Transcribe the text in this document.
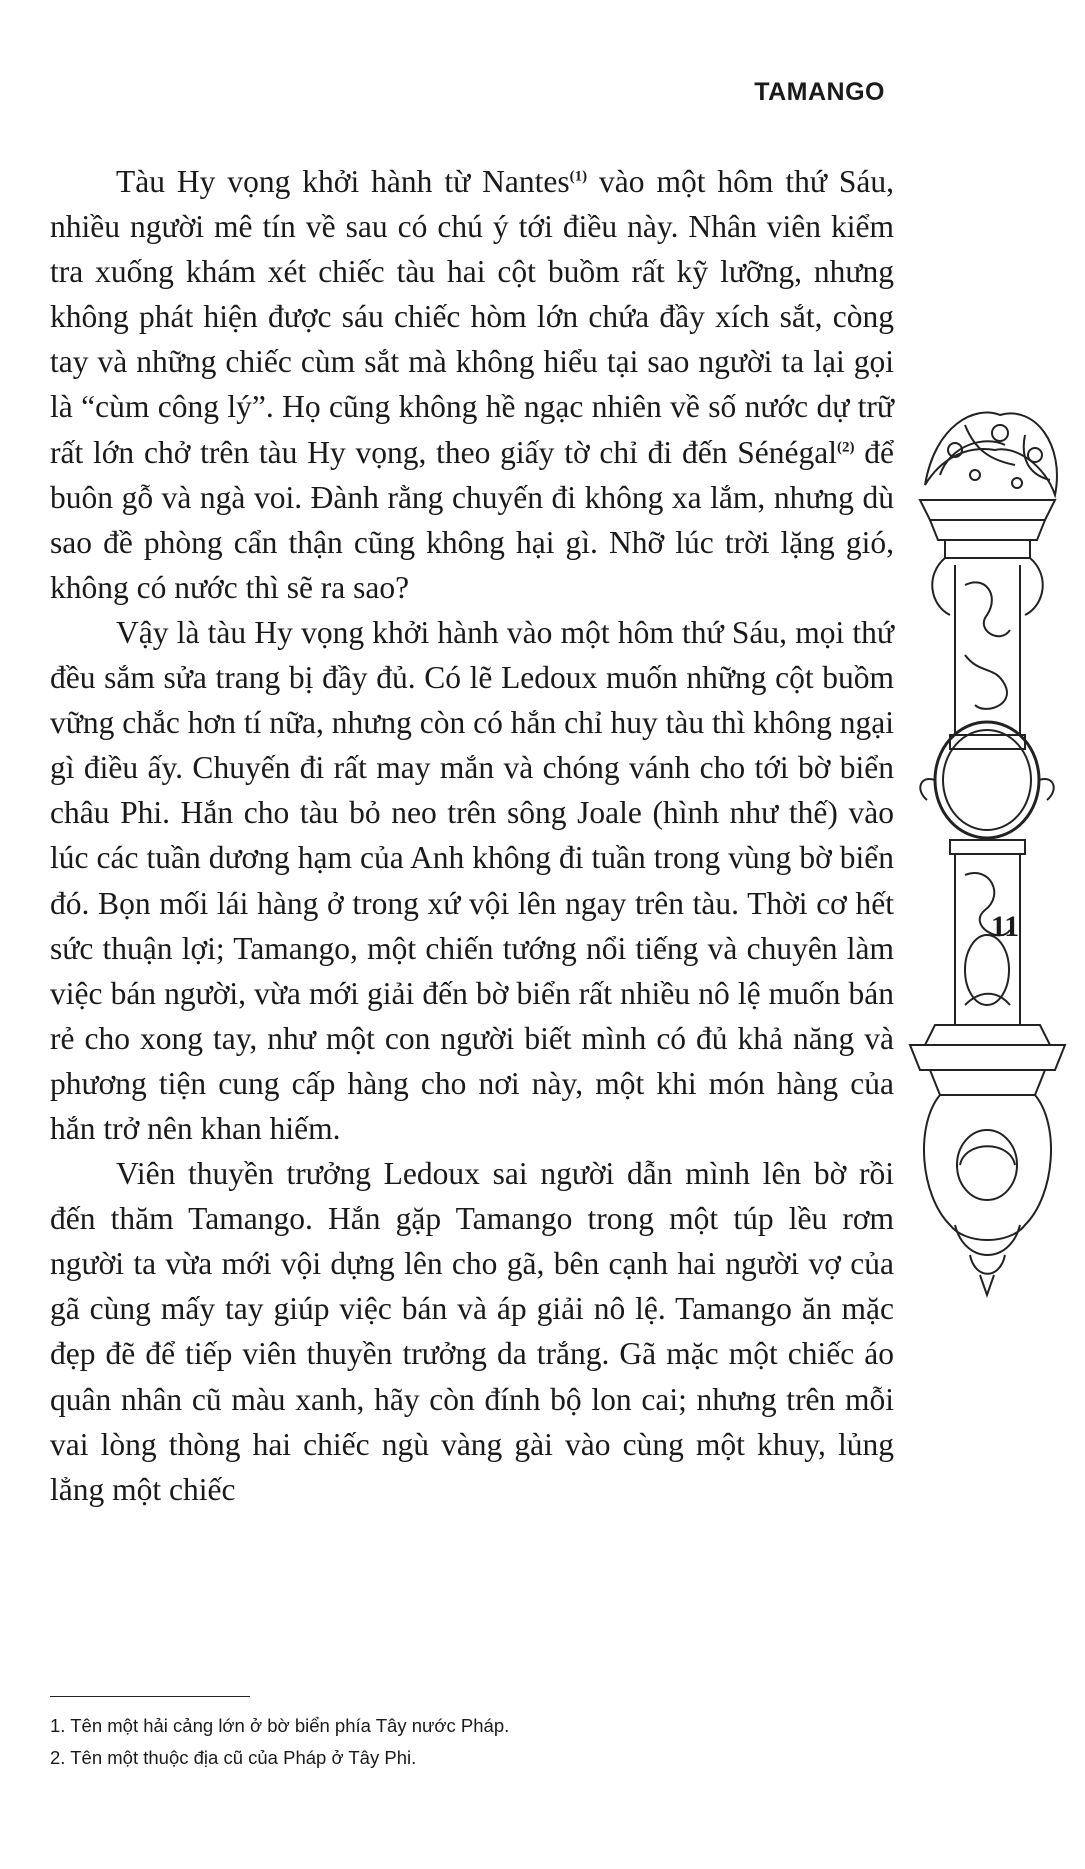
TAMANGO

Tàu Hy vọng khởi hành từ Nantes$^{(1)}$ vào một hôm thứ Sáu, nhiều người mê tín về sau có chú ý tới điều này. Nhân viên kiểm tra xuống khám xét chiếc tàu hai cột buồm rất kỹ lưỡng, nhưng không phát hiện được sáu chiếc hòm lớn chứa đầy xích sắt, còng tay và những chiếc cùm sắt mà không hiểu tại sao người ta lại gọi là “cùm công lý”. Họ cũng không hề ngạc nhiên về số nước dự trữ rất lớn chở trên tàu Hy vọng, theo giấy tờ chỉ đi đến Sénégal$^{(2)}$ để buôn gỗ và ngà voi. Đành rằng chuyến đi không xa lắm, nhưng dù sao đề phòng cẩn thận cũng không hại gì. Nhỡ lúc trời lặng gió, không có nước thì sẽ ra sao?

Vậy là tàu Hy vọng khởi hành vào một hôm thứ Sáu, mọi thứ đều sắm sửa trang bị đầy đủ. Có lẽ Ledoux muốn những cột buồm vững chắc hơn tí nữa, nhưng còn có hắn chỉ huy tàu thì không ngại gì điều ấy. Chuyến đi rất may mắn và chóng vánh cho tới bờ biển châu Phi. Hắn cho tàu bỏ neo trên sông Joale (hình như thế) vào lúc các tuần dương hạm của Anh không đi tuần trong vùng bờ biển đó. Bọn mối lái hàng ở trong xứ vội lên ngay trên tàu. Thời cơ hết sức thuận lợi; Tamango, một chiến tướng nổi tiếng và chuyên làm việc bán người, vừa mới giải đến bờ biển rất nhiều nô lệ muốn bán rẻ cho xong tay, như một con người biết mình có đủ khả năng và phương tiện cung cấp hàng cho nơi này, một khi món hàng của hắn trở nên khan hiếm.

Viên thuyền trưởng Ledoux sai người dẫn mình lên bờ rồi đến thăm Tamango. Hắn gặp Tamango trong một túp lều rơm người ta vừa mới vội dựng lên cho gã, bên cạnh hai người vợ của gã cùng mấy tay giúp việc bán và áp giải nô lệ. Tamango ăn mặc đẹp đẽ để tiếp viên thuyền trưởng da trắng. Gã mặc một chiếc áo quân nhân cũ màu xanh, hãy còn đính bộ lon cai; nhưng trên mỗi vai lòng thòng hai chiếc ngù vàng gài vào cùng một khuy, lủng lẳng một chiếc

11
1. Tên một hải cảng lớn ở bờ biển phía Tây nước Pháp.
2. Tên một thuộc địa cũ của Pháp ở Tây Phi.
